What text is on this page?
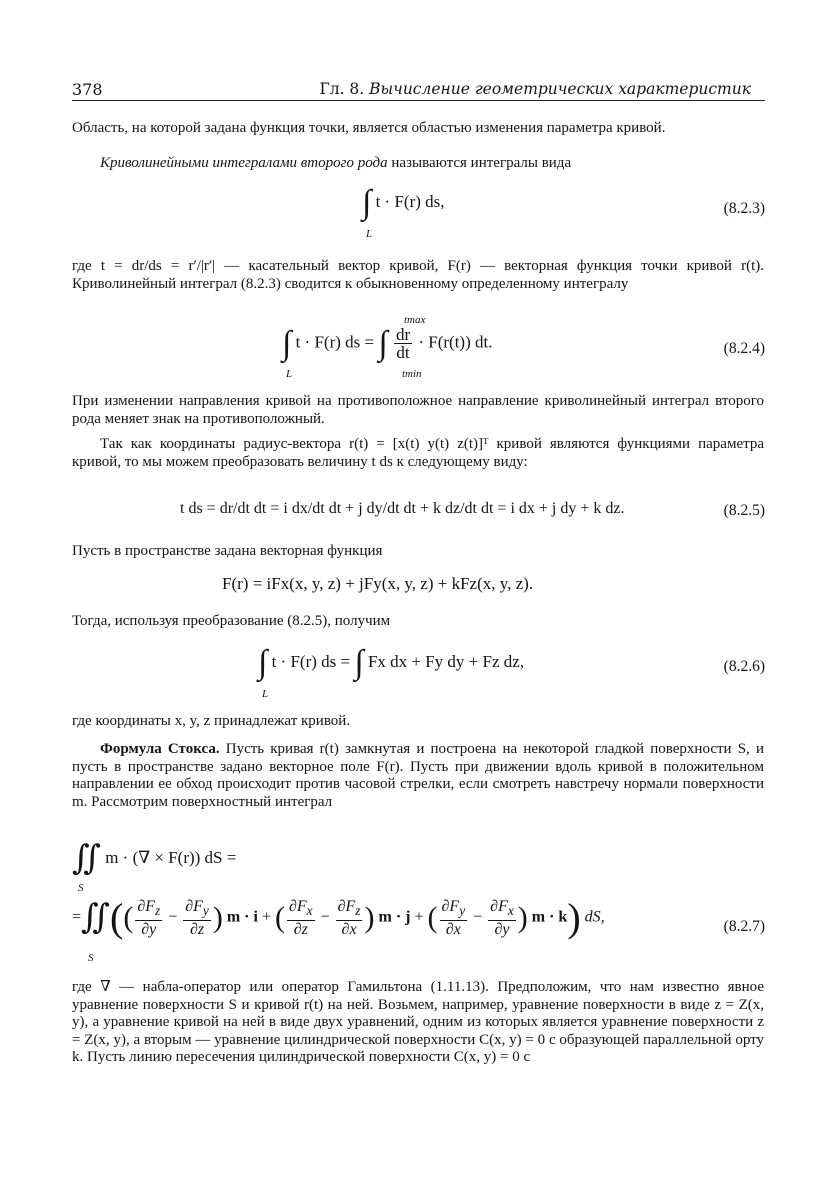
378	Гл. 8. Вычисление геометрических характеристик
Область, на которой задана функция точки, является областью изменения параметра кривой.
Криволинейными интегралами второго рода называются интегралы вида
∫ t · F(r) ds,
L
(8.2.3)
где t = dr/ds = r′/|r′| — касательный вектор кривой, F(r) — векторная функция точки кривой r(t). Криволинейный интеграл (8.2.3) сводится к обыкновенному определенному интегралу
∫ t · F(r) ds = ∫ $\frac{dr}{dt} \cdot F(r(t))$ dt.
L
tmax
tmin
(8.2.4)
При изменении направления кривой на противоположное направление криволинейный интеграл второго рода меняет знак на противоположный.
Так как координаты радиус-вектора r(t) = [x(t) y(t) z(t)]ᵀ кривой являются функциями параметра кривой, то мы можем преобразовать величину t ds к следующему виду:
t ds = dr/dt dt = i dx/dt dt + j dy/dt dt + k dz/dt dt = i dx + j dy + k dz.	(8.2.5)
Пусть в пространстве задана векторная функция
F(r) = iFx(x, y, z) + jFy(x, y, z) + kFz(x, y, z).
Тогда, используя преобразование (8.2.5), получим
∫ t · F(r) ds = ∫ Fx dx + Fy dy + Fz dz,
L
(8.2.6)
где координаты x, y, z принадлежат кривой.
Формула Стокса. Пусть кривая r(t) замкнутая и построена на некоторой гладкой поверхности S, и пусть в пространстве задано векторное поле F(r). Пусть при движении вдоль кривой в положительном направлении ее обход происходит против часовой стрелки, если смотреть навстречу нормали поверхности m. Рассмотрим поверхностный интеграл
∬ m · (∇ × F(r)) dS =
S
=∬(( $\frac{\partial F_z}{\partial y} - \frac{\partial F_y}{\partial z}$ ) m · i + ( $\frac{\partial F_x}{\partial z} - \frac{\partial F_z}{\partial x}$ ) m · j + ( $\frac{\partial F_y}{\partial x} - \frac{\partial F_x}{\partial y}$ ) m · k) dS,
S
(8.2.7)
где ∇ — набла-оператор или оператор Гамильтона (1.11.13). Предположим, что нам известно явное уравнение поверхности S и кривой r(t) на ней. Возьмем, например, уравнение поверхности в виде z = Z(x, y), а уравнение кривой на ней в виде двух уравнений, одним из которых является уравнение поверхности z = Z(x, y), а вторым — уравнение цилиндрической поверхности C(x, y) = 0 с образующей параллельной орту k. Пусть линию пересечения цилиндрической поверхности C(x, y) = 0 с
